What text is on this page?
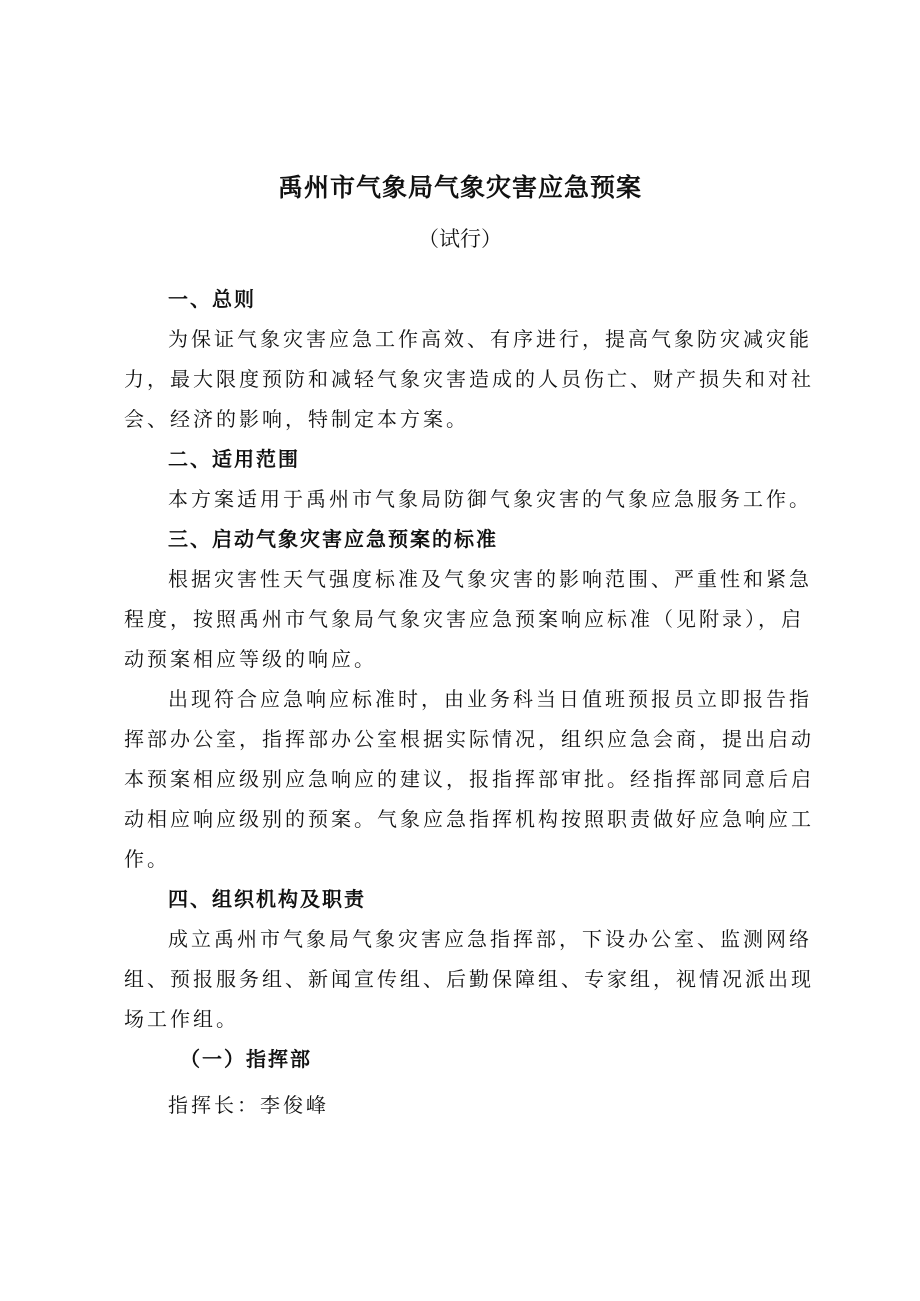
禹州市气象局气象灾害应急预案

（试行）

一、总则

为保证气象灾害应急工作高效、有序进行，提高气象防灾减灾能

力，最大限度预防和减轻气象灾害造成的人员伤亡、财产损失和对社

会、经济的影响，特制定本方案。

二、适用范围

本方案适用于禹州市气象局防御气象灾害的气象应急服务工作。

三、启动气象灾害应急预案的标准

根据灾害性天气强度标准及气象灾害的影响范围、严重性和紧急

程度，按照禹州市气象局气象灾害应急预案响应标准（见附录），启

动预案相应等级的响应。

出现符合应急响应标准时，由业务科当日值班预报员立即报告指

挥部办公室，指挥部办公室根据实际情况，组织应急会商，提出启动

本预案相应级别应急响应的建议，报指挥部审批。经指挥部同意后启

动相应响应级别的预案。气象应急指挥机构按照职责做好应急响应工

作。

四、组织机构及职责

成立禹州市气象局气象灾害应急指挥部，下设办公室、监测网络

组、预报服务组、新闻宣传组、后勤保障组、专家组，视情况派出现

场工作组。

（一）指挥部

指挥长：李俊峰
